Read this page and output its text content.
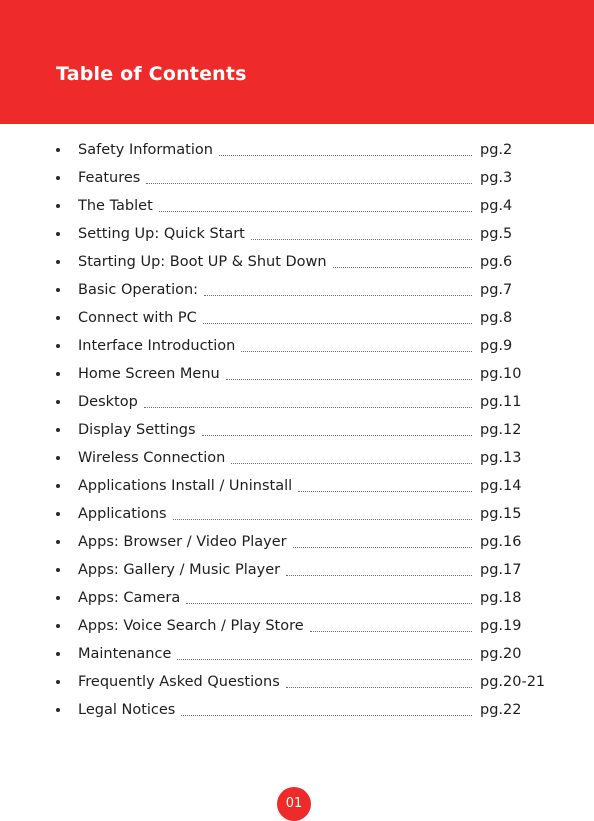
Table of Contents
Safety Information	pg.2
Features	pg.3
The Tablet	pg.4
Setting Up: Quick Start	pg.5
Starting Up: Boot UP & Shut Down	pg.6
Basic Operation:	pg.7
Connect with PC	pg.8
Interface Introduction	pg.9
Home Screen Menu	pg.10
Desktop	pg.11
Display Settings	pg.12
Wireless Connection	pg.13
Applications Install / Uninstall	pg.14
Applications	pg.15
Apps: Browser / Video Player	pg.16
Apps: Gallery / Music Player	pg.17
Apps: Camera	pg.18
Apps: Voice Search / Play Store	pg.19
Maintenance	pg.20
Frequently Asked Questions	pg.20-21
Legal Notices	pg.22
01
